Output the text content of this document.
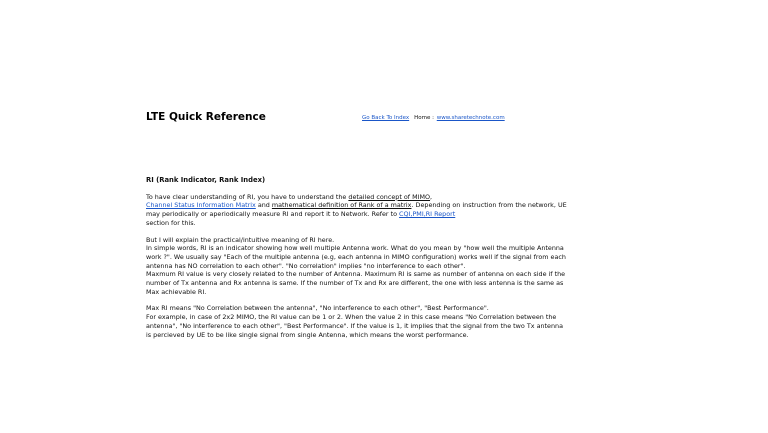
LTE Quick Reference	Go Back To Index Home : www.sharetechnote.com
RI (Rank Indicator, Rank Index)
To have clear understanding of RI, you have to understand the detailed concept of MIMO,
Channel Status Information Matrix and mathematical definition of Rank of a matrix. Depending on instruction from the network, UE may periodically or aperiodically measure RI and report it to Network. Refer to CQI,PMI,RI Report
section for this.
But I will explain the practical/intuitive meaning of RI here.
In simple words, RI is an indicator showing how well multiple Antenna work. What do you mean by "how well the multiple Antenna work ?". We usually say "Each of the multiple antenna (e.g, each antenna in MIMO configuration) works well if the signal from each antenna has NO correlation to each other". "No correlation" implies "no interference to each other".
Maxmum RI value is very closely related to the number of Antenna. Maximum RI is same as number of antenna on each side if the number of Tx antenna and Rx antenna is same. If the number of Tx and Rx are different, the one with less antenna is the same as Max achievable RI.
Max RI means "No Correlation between the antenna", "No interference to each other", "Best Performance".
For example, in case of 2x2 MIMO, the RI value can be 1 or 2. When the value 2 in this case means "No Correlation between the antenna", "No interference to each other", "Best Performance". If the value is 1, it implies that the signal from the two Tx antenna is percieved by UE to be like single signal from single Antenna, which means the worst performance.
